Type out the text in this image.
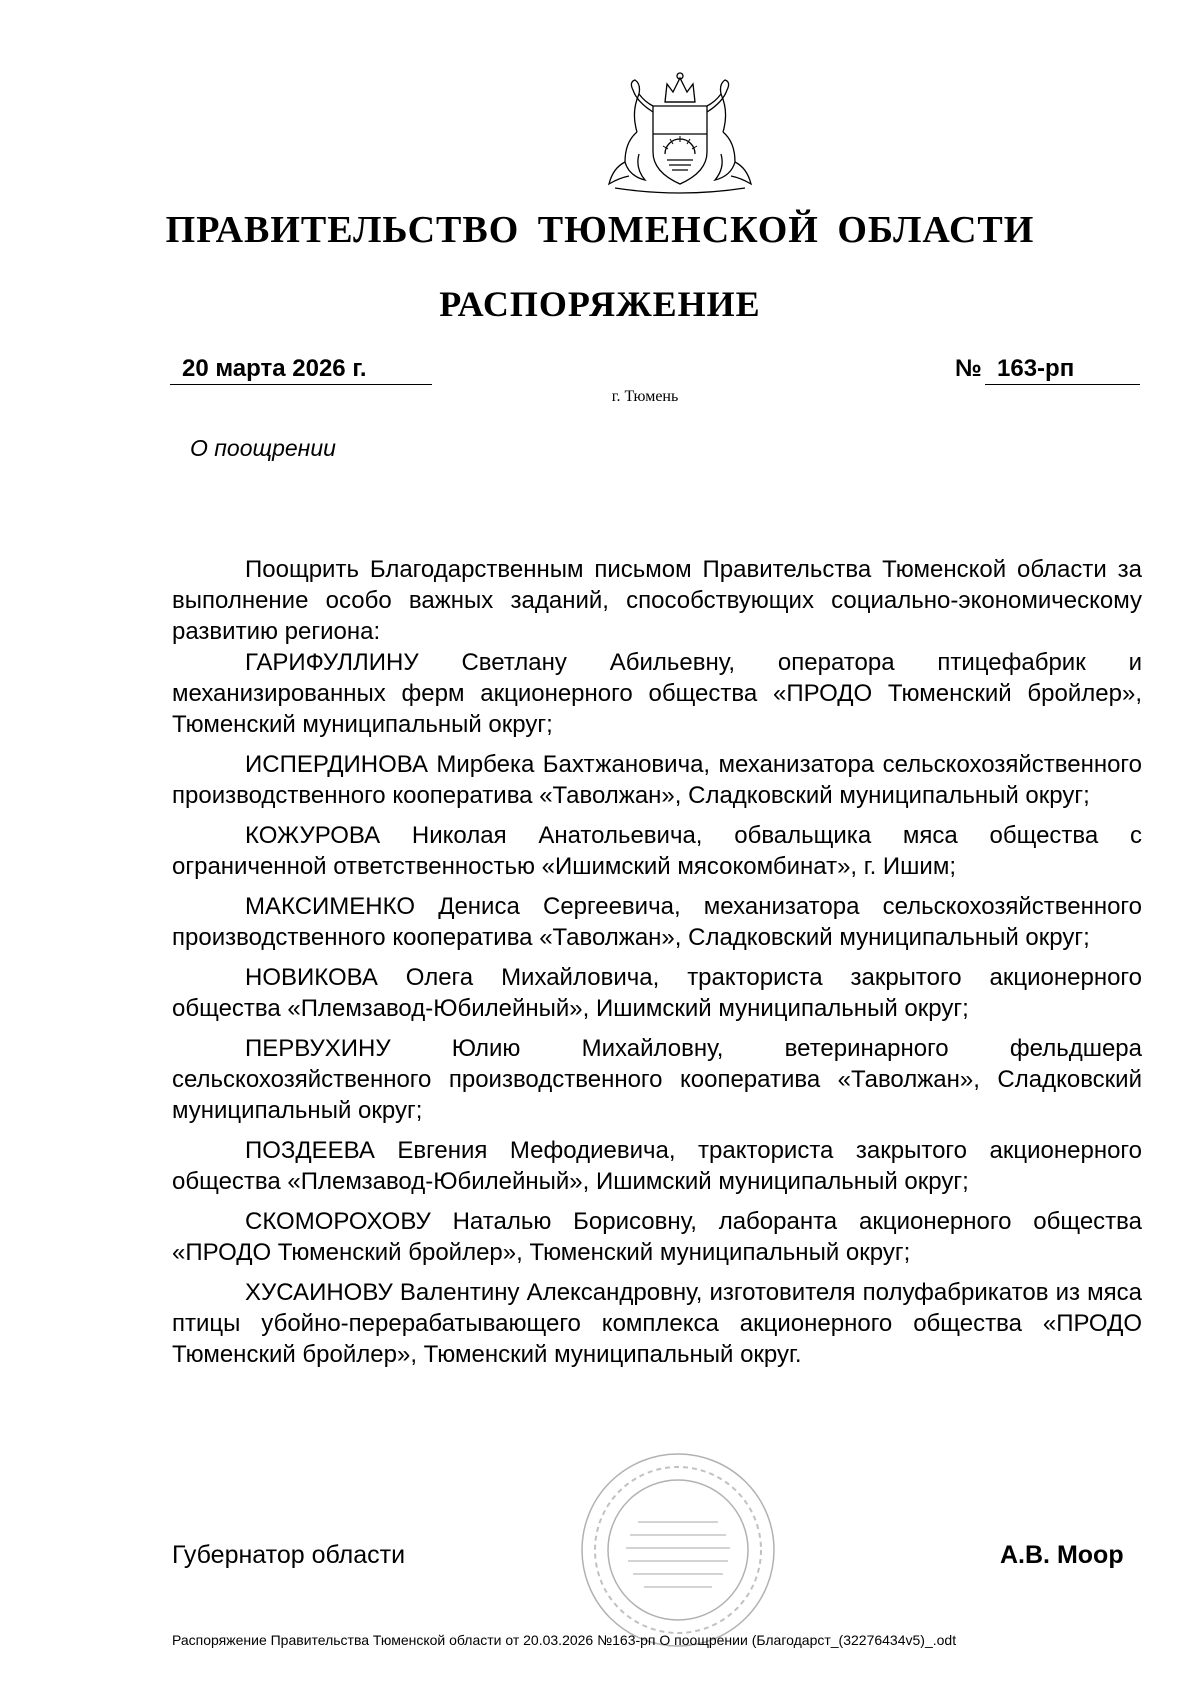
ПРАВИТЕЛЬСТВО ТЮМЕНСКОЙ ОБЛАСТИ
РАСПОРЯЖЕНИЕ
20 марта 2026 г.	№ 163-рп
г. Тюмень
О поощрении

Поощрить Благодарственным письмом Правительства Тюменской области за выполнение особо важных заданий, способствующих социально-экономическому развитию региона:

ГАРИФУЛЛИНУ Светлану Абильевну, оператора птицефабрик и механизированных ферм акционерного общества «ПРОДО Тюменский бройлер», Тюменский муниципальный округ;

ИСПЕРДИНОВА Мирбека Бахтжановича, механизатора сельскохозяйственного производственного кооператива «Таволжан», Сладковский муниципальный округ;

КОЖУРОВА Николая Анатольевича, обвальщика мяса общества с ограниченной ответственностью «Ишимский мясокомбинат», г. Ишим;

МАКСИМЕНКО Дениса Сергеевича, механизатора сельскохозяйственного производственного кооператива «Таволжан», Сладковский муниципальный округ;

НОВИКОВА Олега Михайловича, тракториста закрытого акционерного общества «Племзавод-Юбилейный», Ишимский муниципальный округ;

ПЕРВУХИНУ Юлию Михайловну, ветеринарного фельдшера сельскохозяйственного производственного кооператива «Таволжан», Сладковский муниципальный округ;

ПОЗДЕЕВА Евгения Мефодиевича, тракториста закрытого акционерного общества «Племзавод-Юбилейный», Ишимский муниципальный округ;

СКОМОРОХОВУ Наталью Борисовну, лаборанта акционерного общества «ПРОДО Тюменский бройлер», Тюменский муниципальный округ;

ХУСАИНОВУ Валентину Александровну, изготовителя полуфабрикатов из мяса птицы убойно-перерабатывающего комплекса акционерного общества «ПРОДО Тюменский бройлер», Тюменский муниципальный округ.

Губернатор области	А.В. Моор
Распоряжение Правительства Тюменской области от 20.03.2026 №163-рп О поощрении (Благодарст_(32276434v5)_.odt
